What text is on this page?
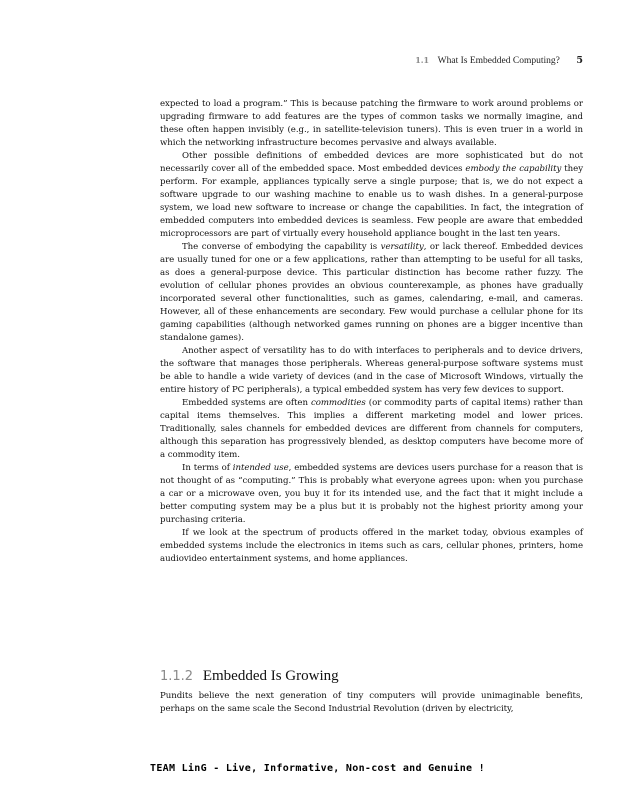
1.1 What Is Embedded Computing? 5

expected to load a program.” This is because patching the firmware to work around problems or upgrading firmware to add features are the types of common tasks we normally imagine, and these often happen invisibly (e.g., in satellite-television tuners). This is even truer in a world in which the networking infrastructure becomes pervasive and always available.

Other possible definitions of embedded devices are more sophisticated but do not necessarily cover all of the embedded space. Most embedded devices embody the capability they perform. For example, appliances typically serve a single purpose; that is, we do not expect a software upgrade to our washing machine to enable us to wash dishes. In a general-purpose system, we load new software to increase or change the capabilities. In fact, the integration of embedded computers into embedded devices is seamless. Few people are aware that embedded microprocessors are part of virtually every household appliance bought in the last ten years.

The converse of embodying the capability is versatility, or lack thereof. Embedded devices are usually tuned for one or a few applications, rather than attempting to be useful for all tasks, as does a general-purpose device. This particular distinction has become rather fuzzy. The evolution of cellular phones provides an obvious counterexample, as phones have gradually incorporated several other functionalities, such as games, calendaring, e-mail, and cameras. However, all of these enhancements are secondary. Few would purchase a cellular phone for its gaming capabilities (although networked games running on phones are a bigger incentive than standalone games).

Another aspect of versatility has to do with interfaces to peripherals and to device drivers, the software that manages those peripherals. Whereas general-purpose software systems must be able to handle a wide variety of devices (and in the case of Microsoft Windows, virtually the entire history of PC peripherals), a typical embedded system has very few devices to support.

Embedded systems are often commodities (or commodity parts of capital items) rather than capital items themselves. This implies a different marketing model and lower prices. Traditionally, sales channels for embedded devices are different from channels for computers, although this separation has progressively blended, as desktop computers have become more of a commodity item.

In terms of intended use, embedded systems are devices users purchase for a reason that is not thought of as “computing.” This is probably what everyone agrees upon: when you purchase a car or a microwave oven, you buy it for its intended use, and the fact that it might include a better computing system may be a plus but it is probably not the highest priority among your purchasing criteria.

If we look at the spectrum of products offered in the market today, obvious examples of embedded systems include the electronics in items such as cars, cellular phones, printers, home audiovideo entertainment systems, and home appliances.

1.1.2 Embedded Is Growing

Pundits believe the next generation of tiny computers will provide unimaginable benefits, perhaps on the same scale the Second Industrial Revolution (driven by electricity,

TEAM LinG - Live, Informative, Non-cost and Genuine !
